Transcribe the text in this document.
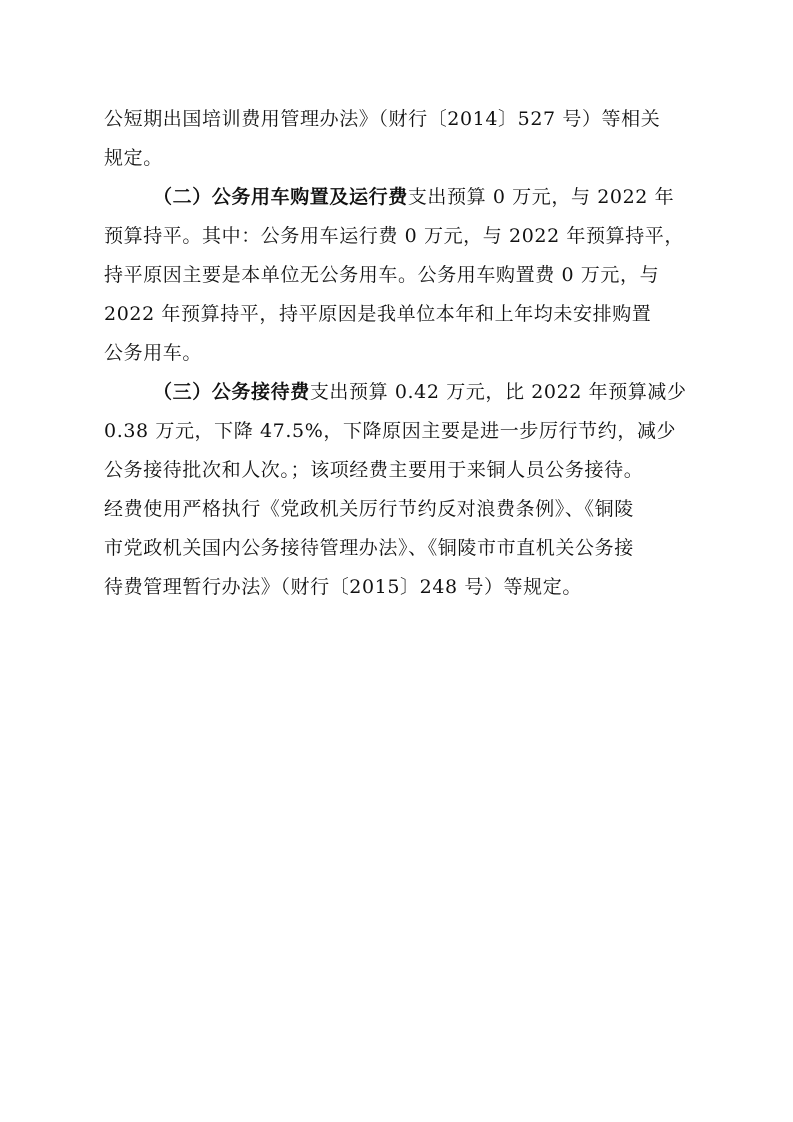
公短期出国培训费用管理办法》（财行〔2014〕527 号）等相关
规定。
（二）公务用车购置及运行费支出预算 0 万元，与 2022 年
预算持平。其中：公务用车运行费 0 万元，与 2022 年预算持平，
持平原因主要是本单位无公务用车。公务用车购置费 0 万元，与
2022 年预算持平，持平原因是我单位本年和上年均未安排购置
公务用车。
（三）公务接待费支出预算 0.42 万元，比 2022 年预算减少
0.38 万元，下降 47.5%，下降原因主要是进一步厉行节约，减少
公务接待批次和人次。；该项经费主要用于来铜人员公务接待。
经费使用严格执行《党政机关厉行节约反对浪费条例》、《铜陵
市党政机关国内公务接待管理办法》、《铜陵市市直机关公务接
待费管理暂行办法》（财行〔2015〕248 号）等规定。
